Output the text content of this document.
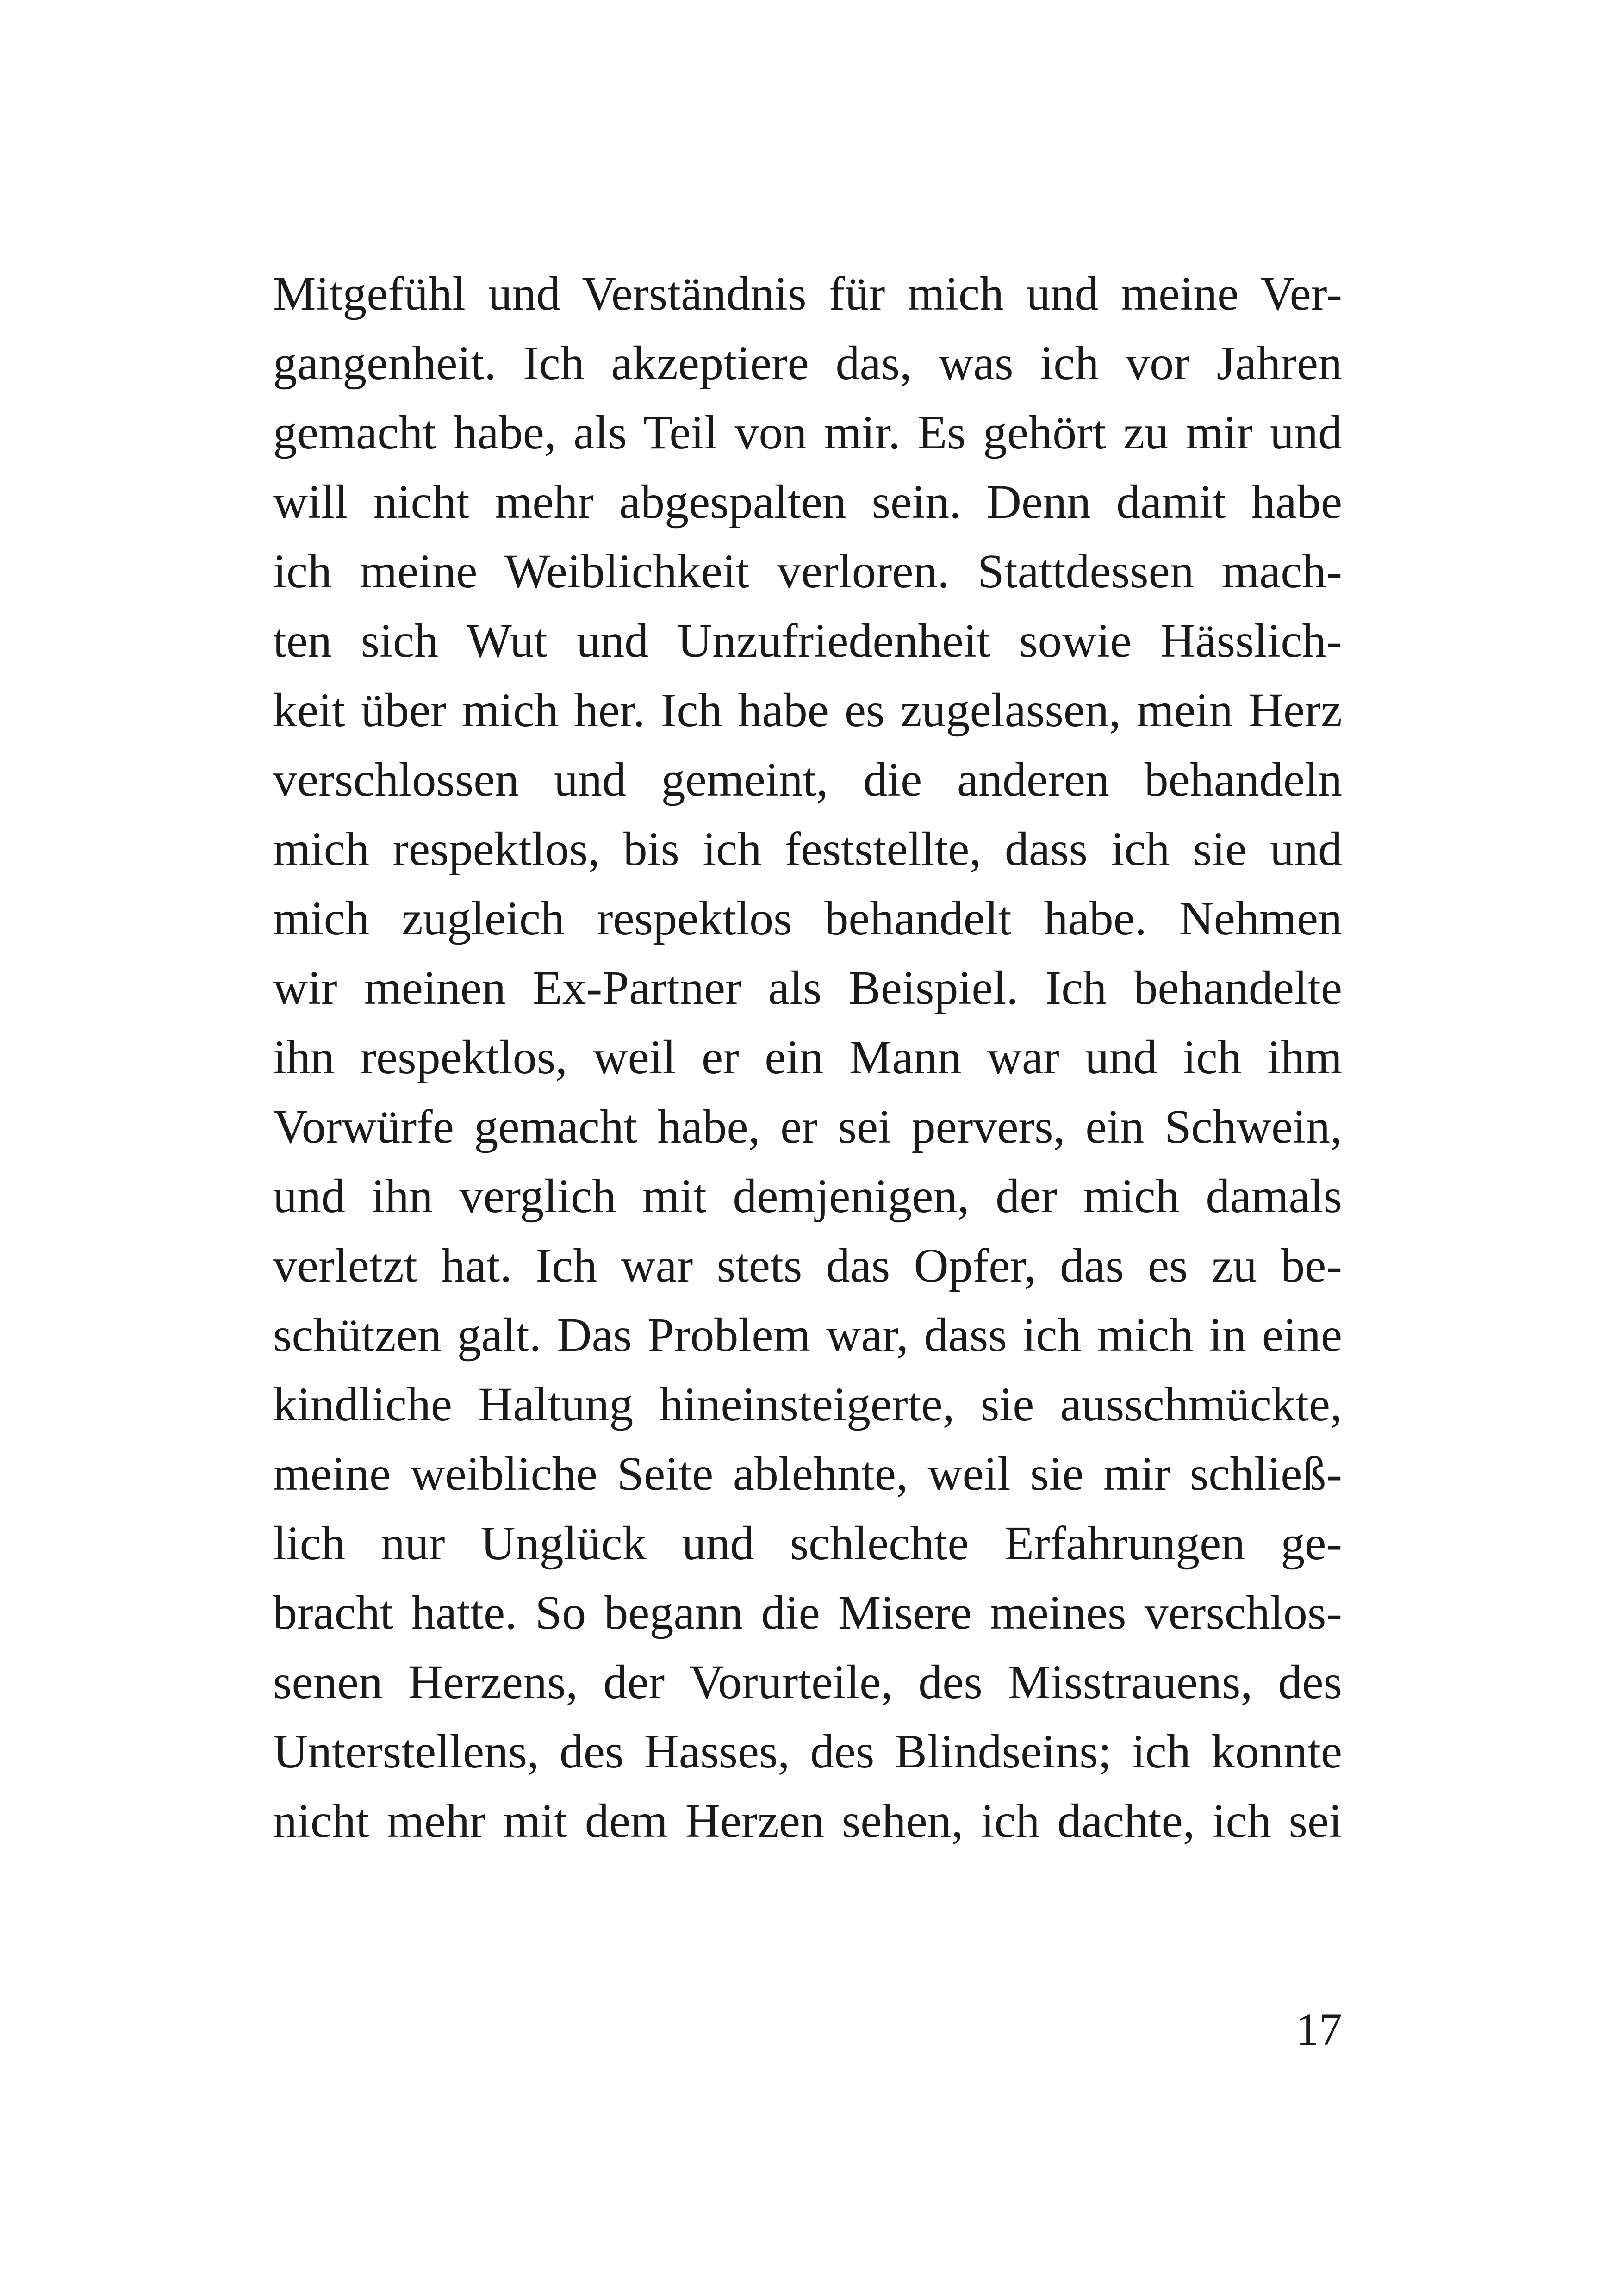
Mitgefühl und Verständnis für mich und meine Ver-
gangenheit. Ich akzeptiere das, was ich vor Jahren
gemacht habe, als Teil von mir. Es gehört zu mir und
will nicht mehr abgespalten sein. Denn damit habe
ich meine Weiblichkeit verloren. Stattdessen mach-
ten sich Wut und Unzufriedenheit sowie Hässlich-
keit über mich her. Ich habe es zugelassen, mein Herz
verschlossen und gemeint, die anderen behandeln
mich respektlos, bis ich feststellte, dass ich sie und
mich zugleich respektlos behandelt habe. Nehmen
wir meinen Ex-Partner als Beispiel. Ich behandelte
ihn respektlos, weil er ein Mann war und ich ihm
Vorwürfe gemacht habe, er sei pervers, ein Schwein,
und ihn verglich mit demjenigen, der mich damals
verletzt hat. Ich war stets das Opfer, das es zu be-
schützen galt. Das Problem war, dass ich mich in eine
kindliche Haltung hineinsteigerte, sie ausschmückte,
meine weibliche Seite ablehnte, weil sie mir schließ-
lich nur Unglück und schlechte Erfahrungen ge-
bracht hatte. So begann die Misere meines verschlos-
senen Herzens, der Vorurteile, des Misstrauens, des
Unterstellens, des Hasses, des Blindseins; ich konnte
nicht mehr mit dem Herzen sehen, ich dachte, ich sei
17
